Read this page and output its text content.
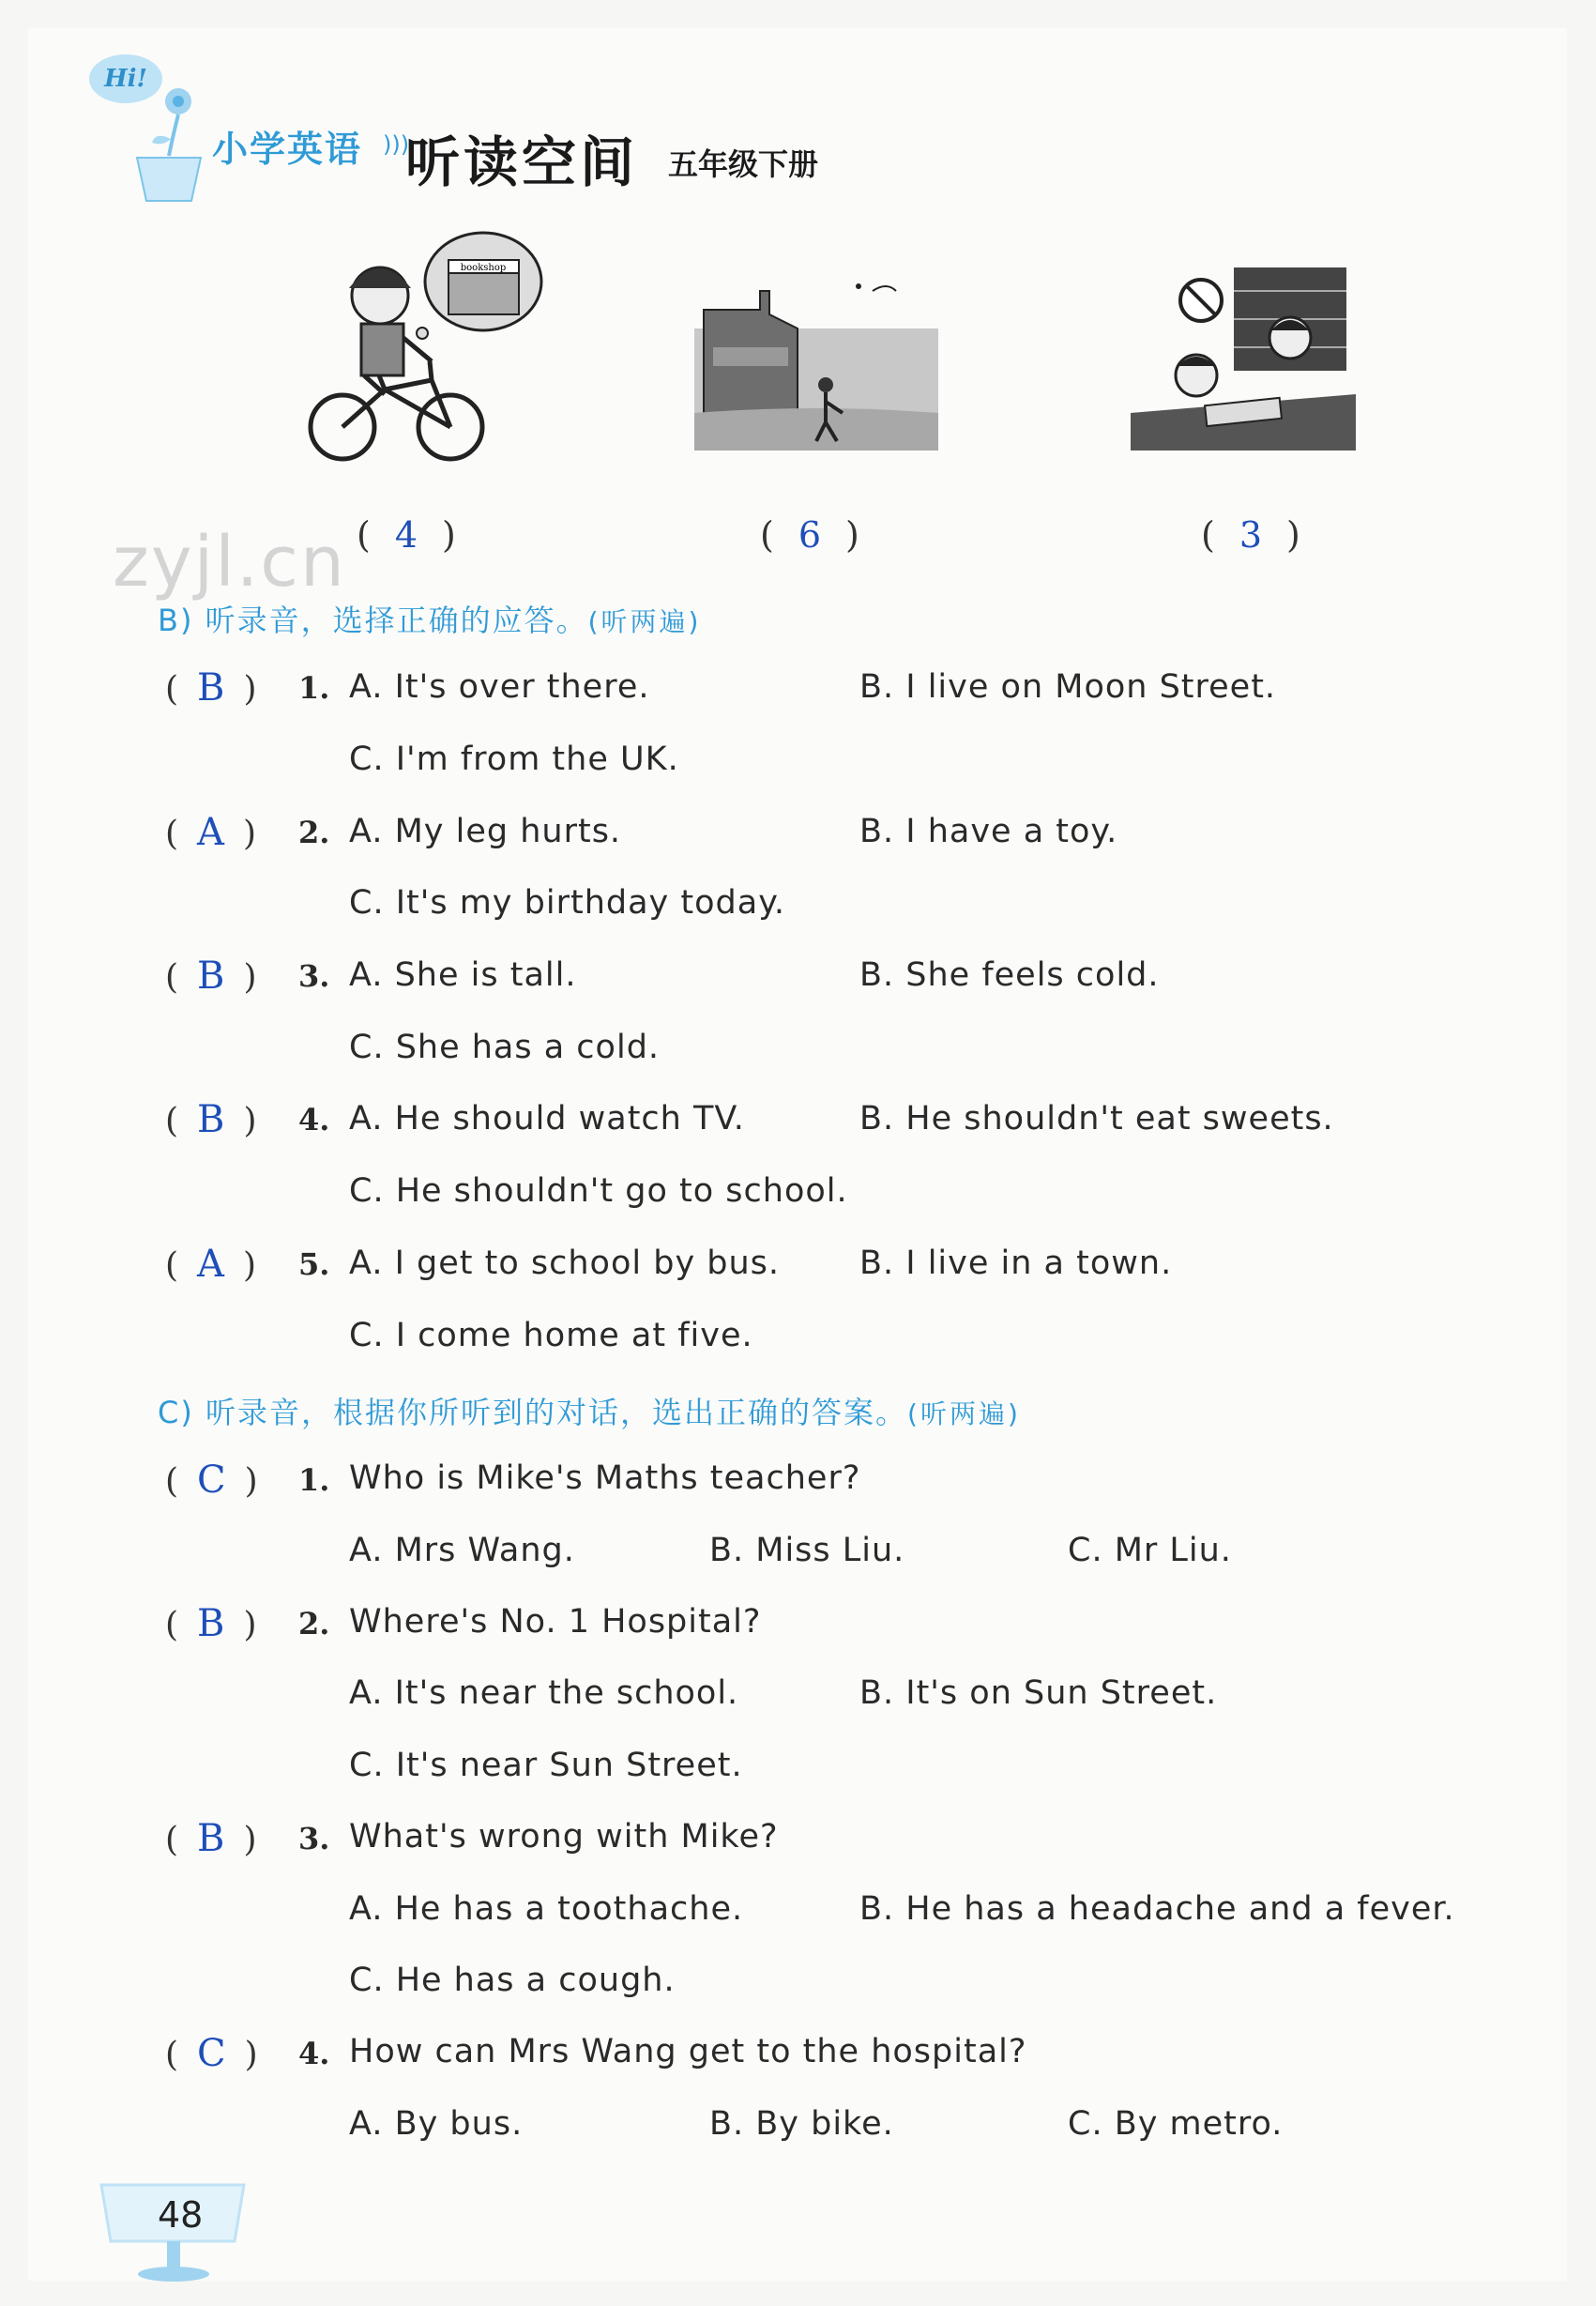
Hi!
小学英语 )))
听读空间 五年级下册
bookshop
( 4 )	( 6 )	( 3 )
zyjl.cn
B) 听录音，选择正确的应答。(听两遍)
( B ) 1. A. It's over there.	B. I live on Moon Street.
C. I'm from the UK.
( A ) 2. A. My leg hurts.	B. I have a toy.
C. It's my birthday today.
( B ) 3. A. She is tall.	B. She feels cold.
C. She has a cold.
( B ) 4. A. He should watch TV.	B. He shouldn't eat sweets.
C. He shouldn't go to school.
( A ) 5. A. I get to school by bus. B. I live in a town.
C. I come home at five.
C) 听录音，根据你所听到的对话，选出正确的答案。(听两遍)
( C ) 1. Who is Mike's Maths teacher?
A. Mrs Wang.	B. Miss Liu.	C. Mr Liu.
( B ) 2. Where's No. 1 Hospital?
A. It's near the school.	B. It's on Sun Street.
C. It's near Sun Street.
( B ) 3. What's wrong with Mike?
A. He has a toothache.	B. He has a headache and a fever.
C. He has a cough.
( C ) 4. How can Mrs Wang get to the hospital?
A. By bus.	B. By bike.	C. By metro.
48
